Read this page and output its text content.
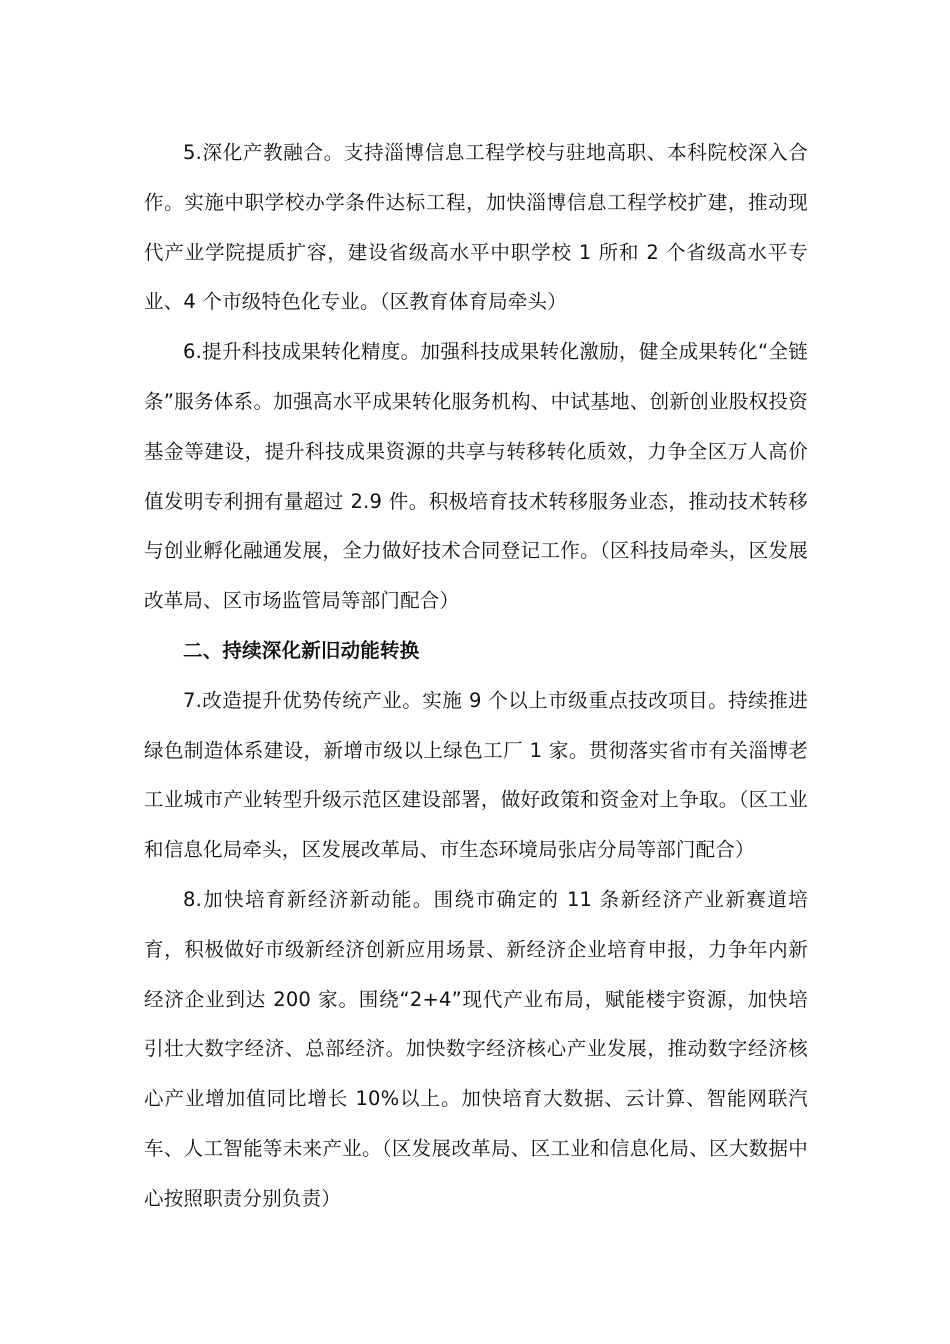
5.深化产教融合。支持淄博信息工程学校与驻地高职、本科院校深入合作。实施中职学校办学条件达标工程，加快淄博信息工程学校扩建，推动现代产业学院提质扩容，建设省级高水平中职学校 1 所和 2 个省级高水平专业、4 个市级特色化专业。（区教育体育局牵头）

6.提升科技成果转化精度。加强科技成果转化激励，健全成果转化“全链条”服务体系。加强高水平成果转化服务机构、中试基地、创新创业股权投资基金等建设，提升科技成果资源的共享与转移转化质效，力争全区万人高价值发明专利拥有量超过 2.9 件。积极培育技术转移服务业态，推动技术转移与创业孵化融通发展，全力做好技术合同登记工作。（区科技局牵头，区发展改革局、区市场监管局等部门配合）

二、持续深化新旧动能转换

7.改造提升优势传统产业。实施 9 个以上市级重点技改项目。持续推进绿色制造体系建设，新增市级以上绿色工厂 1 家。贯彻落实省市有关淄博老工业城市产业转型升级示范区建设部署，做好政策和资金对上争取。（区工业和信息化局牵头，区发展改革局、市生态环境局张店分局等部门配合）

8.加快培育新经济新动能。围绕市确定的 11 条新经济产业新赛道培育，积极做好市级新经济创新应用场景、新经济企业培育申报，力争年内新经济企业到达 200 家。围绕“2+4”现代产业布局，赋能楼宇资源，加快培引壮大数字经济、总部经济。加快数字经济核心产业发展，推动数字经济核心产业增加值同比增长 10%以上。加快培育大数据、云计算、智能网联汽车、人工智能等未来产业。（区发展改革局、区工业和信息化局、区大数据中心按照职责分别负责）
